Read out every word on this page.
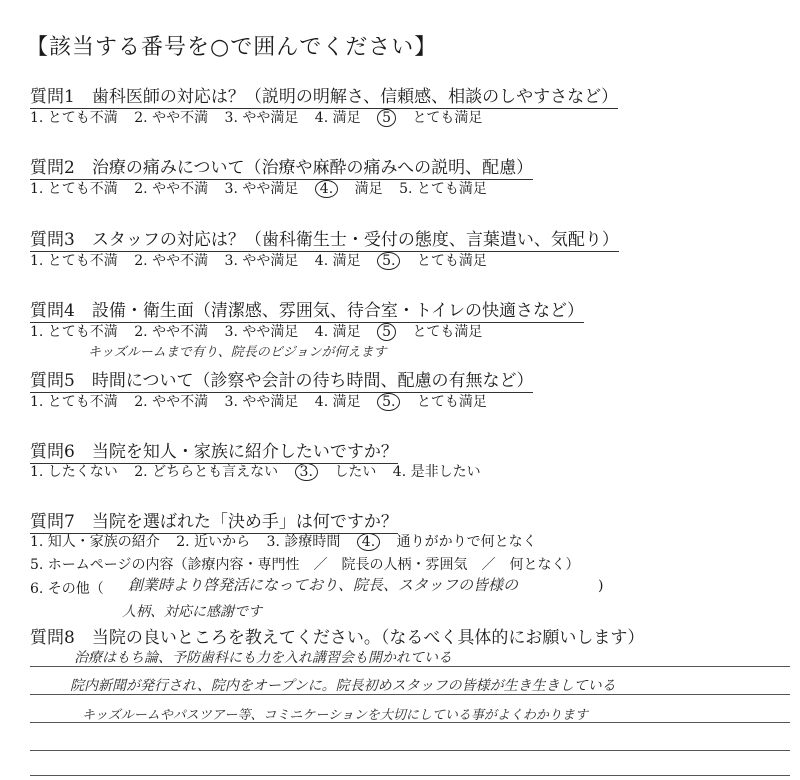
【該当する番号を○で囲んでください】
質問1　歯科医師の対応は？（説明の明解さ、信頼感、相談のしやすさなど）
1. とても不満 2. やや不満 3. やや満足 4. 満足 5 とても満足
質問2　治療の痛みについて（治療や麻酔の痛みへの説明、配慮）
1. とても不満 2. やや不満 3. やや満足 4. 満足 5. とても満足
質問3　スタッフの対応は？（歯科衛生士・受付の態度、言葉遣い、気配り）
1. とても不満 2. やや不満 3. やや満足 4. 満足 5. とても満足
質問4　設備・衛生面（清潔感、雰囲気、待合室・トイレの快適さなど）
1. とても不満 2. やや不満 3. やや満足 4. 満足 5 とても満足
キッズルームまで有り、院長のビジョンが何えます
質問5　時間について（診察や会計の待ち時間、配慮の有無など）
1. とても不満 2. やや不満 3. やや満足 4. 満足 5. とても満足
質問6　当院を知人・家族に紹介したいですか？
1. したくない 2. どちらとも言えない 3. したい 4. 是非したい
質問7　当院を選ばれた「決め手」は何ですか？
1. 知人・家族の紹介 2. 近いから 3. 診療時間 4. 通りがかりで何となく
5. ホームページの内容（診療内容・専門性　／　院長の人柄・雰囲気　／　何となく）
6. その他（ 創業時より啓発活になっており、院長、スタッフの皆様の	)
人柄、対応に感謝です
質問8　当院の良いところを教えてください。（なるべく具体的にお願いします）
治療はもち論、予防歯科にも力を入れ講習会も開かれている
院内新聞が発行され、院内をオープンに。院長初めスタッフの皆様が生き生きしている
キッズルームやパスツアー等、コミニケーションを大切にしている事がよくわかります
